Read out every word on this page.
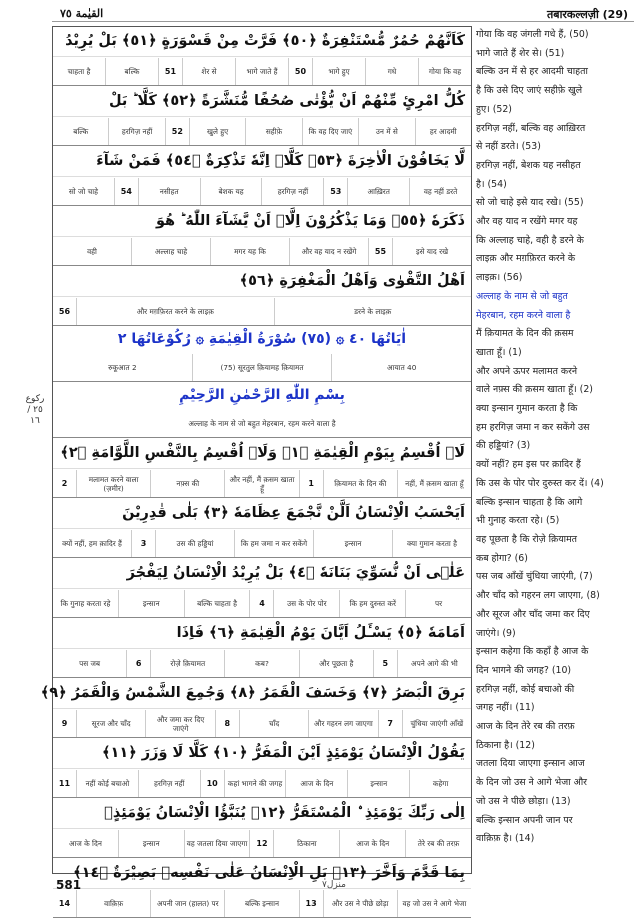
القيٰمة ٧٥	तबारकल्लज़ी (29)
ركوع ٢٥ / ١٦
كَاَنَّهُمْ حُمُرٌ مُّسْتَنْفِرَةٌ ﴿٥٠﴾ فَرَّتْ مِنْ قَسْوَرَةٍ ﴿٥١﴾ بَلْ يُرِيْدُ
चाहता है	बल्कि	51	शेर से	भागे जाते हैं	50	भागे हुए	गधे	गोया कि वह
كُلُّ امْرِئٍ مِّنْهُمْ اَنْ يُّؤْتٰى صُحُفًا مُّنَشَّرَةً ﴿٥٢﴾ كَلَّا ؕ بَلْ
बल्कि	हरगिज़ नहीं	52	खुले हुए	सहीफ़े	कि वह दिए जाएं	उन में से	हर आदमी
لَّا يَخَافُوْنَ الْاٰخِرَةَ ﴿٥٣﴾ كَلَّاۤ اِنَّهٗ تَذْكِرَةٌ ﴿٥٤﴾ فَمَنْ شَآءَ
सो जो चाहे	54	नसीहत	बेशक यह	हरगिज़ नहीं	53	आख़िरत	वह नहीं डरते
ذَكَرَهٗ ﴿٥٥﴾ وَمَا يَذْكُرُوْنَ اِلَّاۤ اَنْ يَّشَآءَ اللّٰهُ ؕ هُوَ
वही	अल्लाह चाहे	मगर यह कि	और वह याद न रखेंगे	55	इसे याद रखे
اَهْلُ التَّقْوٰى وَاَهْلُ الْمَغْفِرَةِ ﴿٥٦﴾
56	और मग़फ़िरत करने के लाइक़	डरने के लाइक़
اٰيَاتُهَا ٤٠ ۞ (٧٥) سُوْرَةُ الْقِيٰمَةِ ۞ رُكُوْعَاتُهَا ٢
रुकूआत 2	(75) सूरतुल क़ियामह क़ियामत	आयात 40
بِسْمِ اللّٰهِ الرَّحْمٰنِ الرَّحِيْمِ
अल्लाह के नाम से जो बहुत मेहरबान, रहम करने वाला है
لَاۤ اُقْسِمُ بِيَوْمِ الْقِيٰمَةِ ﴿١﴾ وَلَاۤ اُقْسِمُ بِالنَّفْسِ اللَّوَّامَةِ ﴿٢﴾
2	मलामत करने वाला (ज़मीर)	नफ़्स की	और नहीं, मैं क़सम खाता हूँ	1	क़ियामत के दिन की	नहीं, मैं क़सम खाता हूँ
اَيَحْسَبُ الْاِنْسَانُ اَلَّنْ نَّجْمَعَ عِظَامَهٗ ﴿٣﴾ بَلٰى قٰدِرِيْنَ
क्यों नहीं, हम क़ादिर हैं	3	उस की हड्डियां	कि हम जमा न कर सकेंगे	इन्सान	क्या गुमान करता है
عَلٰۤى اَنْ نُّسَوِّيَ بَنَانَهٗ ﴿٤﴾ بَلْ يُرِيْدُ الْاِنْسَانُ لِيَفْجُرَ
कि गुनाह करता रहे	इन्सान	बल्कि चाहता है	4	उस के पोर पोर	कि हम दुरुस्त करें	पर
اَمَامَهٗ ﴿٥﴾ يَسْـَٔلُ اَيَّانَ يَوْمُ الْقِيٰمَةِ ﴿٦﴾ فَاِذَا
पस जब	6	रोज़े क़ियामत	कब?	और पूछता है	5	अपने आगे की भी
بَرِقَ الْبَصَرُ ﴿٧﴾ وَخَسَفَ الْقَمَرُ ﴿٨﴾ وَجُمِعَ الشَّمْسُ وَالْقَمَرُ ﴿٩﴾
9	सूरज और चाँद	और जमा कर दिए जाएंगे	8	चाँद	और गहरन लग जाएगा	7	चुंधिया जाएंगी आँखें
يَقُوْلُ الْاِنْسَانُ يَوْمَئِذٍ اَيْنَ الْمَفَرُّ ﴿١٠﴾ كَلَّا لَا وَزَرَ ﴿١١﴾
11	नहीं कोई बचाओ	हरगिज़ नहीं	10	कहां भागने की जगह	आज के दिन	इन्सान	कहेगा
اِلٰى رَبِّكَ يَوْمَئِذِ ۨ الْمُسْتَقَرُّ ﴿١٢﴾ يُنَبَّؤُا الْاِنْسَانُ يَوْمَئِذٍۭ
आज के दिन	इन्सान	वह जतला दिया जाएगा	12	ठिकाना	आज के दिन	तेरे रब की तरफ़
بِمَا قَدَّمَ وَاَخَّرَ ﴿١٣﴾ بَلِ الْاِنْسَانُ عَلٰى نَفْسِهٖ بَصِيْرَةٌ ﴿١٤﴾
14	वाक़िफ़	अपनी जान (हालत) पर	बल्कि इन्सान	13	और उस ने पीछे छोड़ा	वह जो उस ने आगे भेजा
गोया कि वह जंगली गधे हैं, (50)
भागे जाते हैं शेर से। (51)
बल्कि उन में से हर आदमी चाहता
है कि उसे दिए जाएं सहीफ़े खुले
हुए। (52)
हरगिज़ नहीं, बल्कि वह आख़िरत
से नहीं डरते। (53)
हरगिज़ नहीं, बेशक यह नसीहत
है। (54)
सो जो चाहे इसे याद रखे। (55)
और वह याद न रखेंगे मगर यह
कि अल्लाह चाहे, वही है डरने के
लाइक़ और मग़फ़िरत करने के
लाइक़। (56)
अल्लाह के नाम से जो बहुत
मेहरबान, रहम करने वाला है
मैं क़ियामत के दिन की क़सम
खाता हूँ। (1)
और अपने ऊपर मलामत करने
वाले नफ़्स की क़सम खाता हूँ। (2)
क्या इन्सान गुमान करता है कि
हम हरगिज़ जमा न कर सकेंगे उस
की हड्डियां? (3)
क्यों नहीं? हम इस पर क़ादिर हैं
कि उस के पोर पोर दुरुस्त कर दें। (4)
बल्कि इन्सान चाहता है कि आगे
भी गुनाह करता रहे। (5)
वह पूछता है कि रोज़े क़ियामत
कब होगा? (6)
पस जब आँखें चुंधिया जाएंगी, (7)
और चाँद को गहरन लग जाएगा, (8)
और सूरज और चाँद जमा कर दिए
जाएंगे। (9)
इन्सान कहेगा कि कहाँ है आज के
दिन भागने की जगह? (10)
हरगिज़ नहीं, कोई बचाओ की
जगह नहीं। (11)
आज के दिन तेरे रब की तरफ़
ठिकाना है। (12)
जतला दिया जाएगा इन्सान आज
के दिन जो उस ने आगे भेजा और
जो उस ने पीछे छोड़ा। (13)
बल्कि इन्सान अपनी जान पर
वाक़िफ़ है। (14)
581	منزل٧
